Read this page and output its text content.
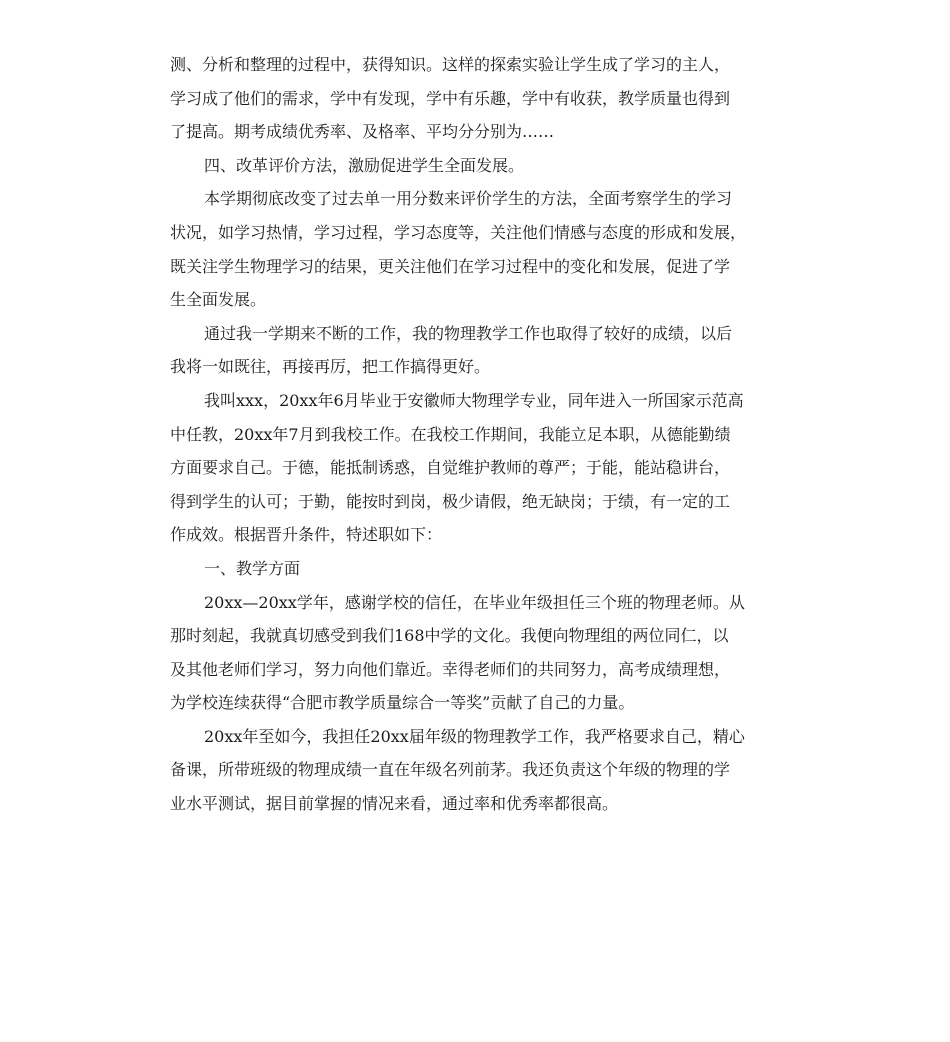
测、分析和整理的过程中，获得知识。这样的探索实验让学生成了学习的主人，
学习成了他们的需求，学中有发现，学中有乐趣，学中有收获，教学质量也得到
了提高。期考成绩优秀率、及格率、平均分分别为……
四、改革评价方法，激励促进学生全面发展。
本学期彻底改变了过去单一用分数来评价学生的方法，全面考察学生的学习
状况，如学习热情，学习过程，学习态度等，关注他们情感与态度的形成和发展，
既关注学生物理学习的结果，更关注他们在学习过程中的变化和发展，促进了学
生全面发展。
通过我一学期来不断的工作，我的物理教学工作也取得了较好的成绩，以后
我将一如既往，再接再厉，把工作搞得更好。
我叫xxx，20xx年6月毕业于安徽师大物理学专业，同年进入一所国家示范高
中任教，20xx年7月到我校工作。在我校工作期间，我能立足本职，从德能勤绩
方面要求自己。于德，能抵制诱惑，自觉维护教师的尊严；于能，能站稳讲台，
得到学生的认可；于勤，能按时到岗，极少请假，绝无缺岗；于绩，有一定的工
作成效。根据晋升条件，特述职如下：
一、教学方面
20xx—20xx学年，感谢学校的信任，在毕业年级担任三个班的物理老师。从
那时刻起，我就真切感受到我们168中学的文化。我便向物理组的两位同仁，以
及其他老师们学习，努力向他们靠近。幸得老师们的共同努力，高考成绩理想，
为学校连续获得“合肥市教学质量综合一等奖”贡献了自己的力量。
20xx年至如今，我担任20xx届年级的物理教学工作，我严格要求自己，精心
备课，所带班级的物理成绩一直在年级名列前茅。我还负责这个年级的物理的学
业水平测试，据目前掌握的情况来看，通过率和优秀率都很高。
